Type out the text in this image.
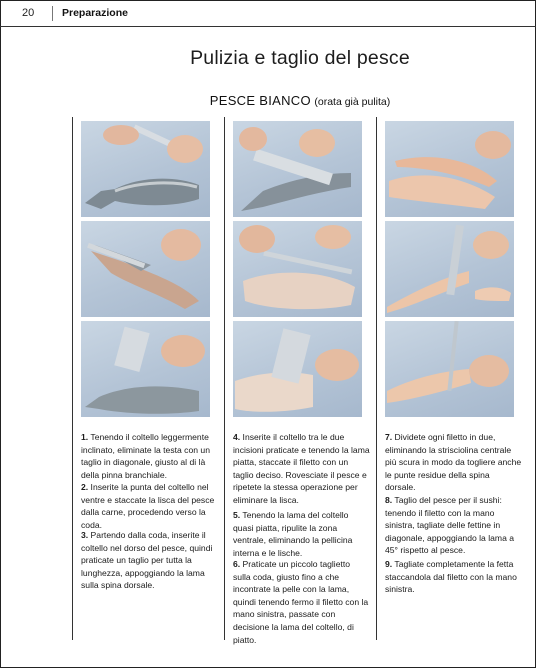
20	Preparazione
Pulizia e taglio del pesce
PESCE BIANCO (orata già pulita)
1. Tenendo il coltello leggermente inclinato, eliminate la testa con un taglio in diagonale, giusto al di là della pinna branchiale.
2. Inserite la punta del coltello nel ventre e staccate la lisca del pesce dalla carne, procedendo verso la coda.
3. Partendo dalla coda, inserite il coltello nel dorso del pesce, quindi praticate un taglio per tutta la lunghezza, appoggiando la lama sulla spina dorsale.
4. Inserite il coltello tra le due incisioni praticate e tenendo la lama piatta, staccate il filetto con un taglio deciso. Rovesciate il pesce e ripetete la stessa operazione per eliminare la lisca.
5. Tenendo la lama del coltello quasi piatta, ripulite la zona ventrale, eliminando la pellicina interna e le lische.
6. Praticate un piccolo taglietto sulla coda, giusto fino a che incontrate la pelle con la lama, quindi tenendo fermo il filetto con la mano sinistra, passate con decisione la lama del coltello, di piatto.
7. Dividete ogni filetto in due, eliminando la strisciolina centrale più scura in modo da togliere anche le punte residue della spina dorsale.
8. Taglio del pesce per il sushi: tenendo il filetto con la mano sinistra, tagliate delle fettine in diagonale, appoggiando la lama a 45° rispetto al pesce.
9. Tagliate completamente la fetta staccandola dal filetto con la mano sinistra.
